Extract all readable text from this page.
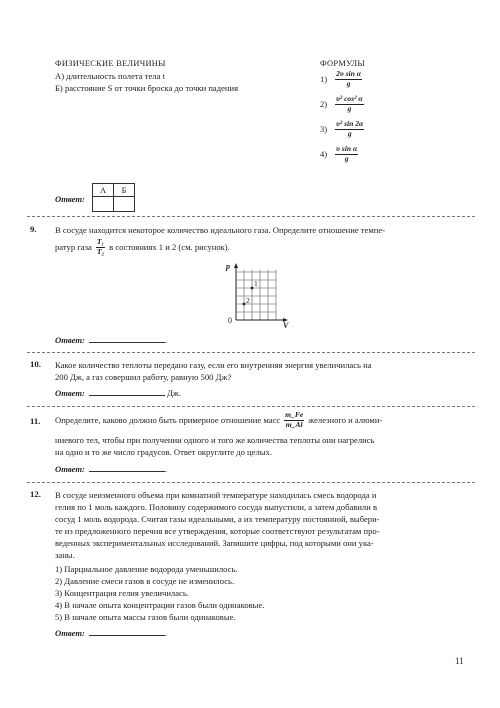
ФИЗИЧЕСКИЕ ВЕЛИЧИНЫ
А) длительность полета тела t
Б) расстояние S от точки броска до точки падения
ФОРМУЛЫ
$1) \frac{\text{2υ sin α}}{g}$
$2) \frac{\text{υ² cos² α}}{g}$
$3) \frac{\text{υ² sin 2α}}{g}$
$4) \frac{\text{υ sin α}}{g}$
Ответ:
А	Б

9. В сосуде находится некоторое количество идеального газа. Определите отношение темпе-
ратур газа $\frac{\text{T₁}}{\text{T₂}}$ в состояниях 1 и 2 (см. рисунок).
p
V
0
1
2
Ответ:	.
10. Какое количество теплоты передано газу, если его внутренняя энергия увеличилась на
200 Дж, а газ совершил работу, равную 500 Дж?
Ответ:	Дж.
11. Определите, каково должно быть примерное отношение масс $\frac{m\_Fe}{m\_Al}$ железного и алюми-
ниевого тел, чтобы при получении одного и того же количества теплоты они нагрелись
на одно и то же число градусов. Ответ округлите до целых.
Ответ:	.
12. В сосуде неизменного объема при комнатной температуре находилась смесь водорода и

гелия по 1 моль каждого. Половину содержимого сосуда выпустили, а затем добавили в

сосуд 1 моль водорода. Считая газы идеальными, а их температуру постоянной, выбери-

те из предложенного перечня все утверждения, которые соответствуют результатам про-

веденных экспериментальных исследований. Запишите цифры, под которыми они ука-

заны.

1) Парциальное давление водорода уменьшилось.
2) Давление смеси газов в сосуде не изменилось.
3) Концентрация гелия увеличилась.
4) В начале опыта концентрации газов были одинаковые.
5) В начале опыта массы газов были одинаковые.
Ответ:	.
11
